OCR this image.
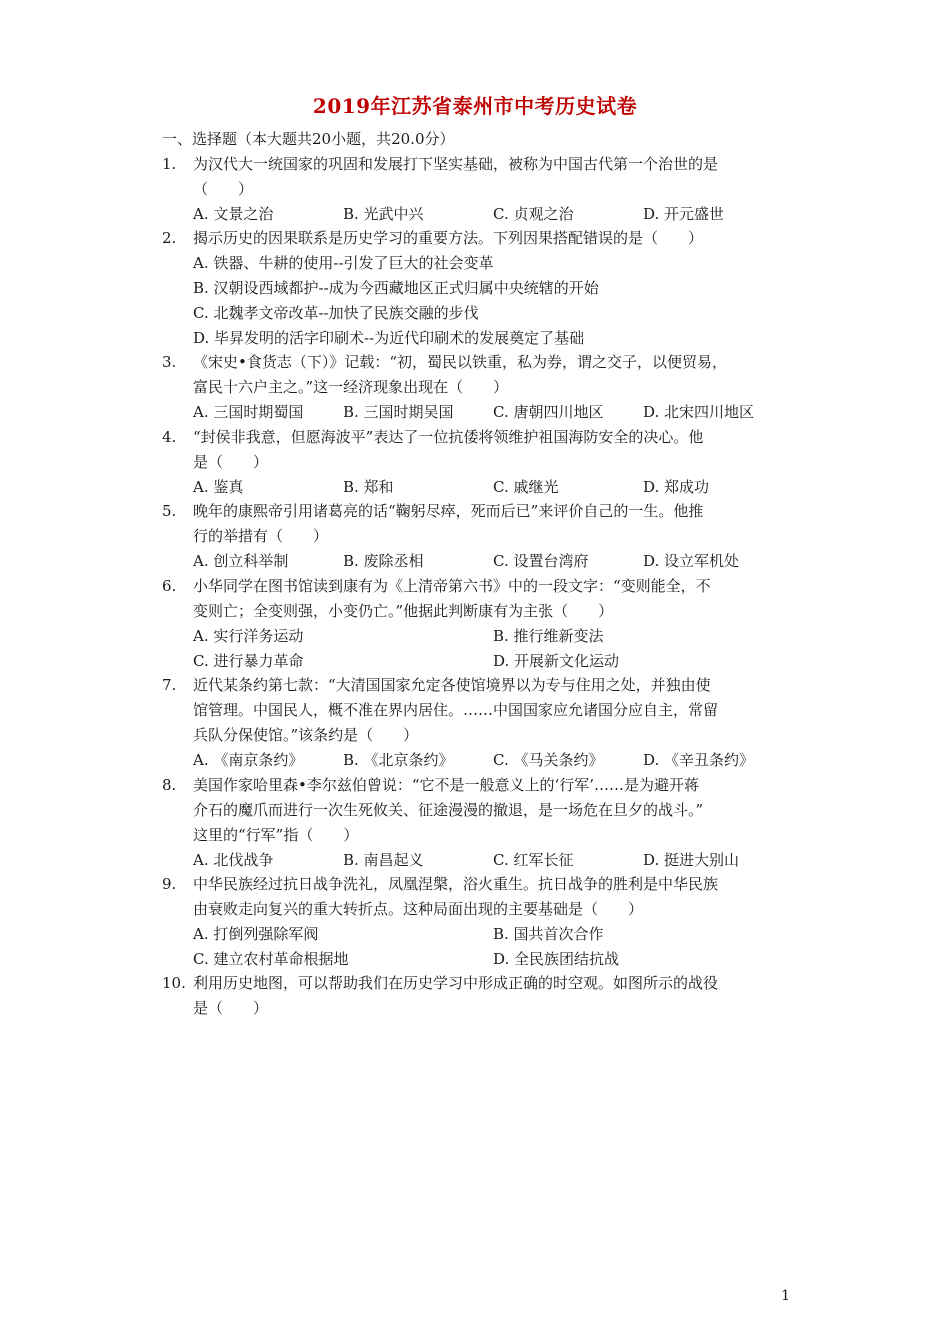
2019年江苏省泰州市中考历史试卷
一、选择题（本大题共20小题，共20.0分）
1.	为汉代大一统国家的巩固和发展打下坚实基础，被称为中国古代第一个治世的是
（　　）
A. 文景之治	B. 光武中兴	C. 贞观之治	D. 开元盛世
2.	揭示历史的因果联系是历史学习的重要方法。下列因果搭配错误的是（　　）
A. 铁器、牛耕的使用--引发了巨大的社会变革
B. 汉朝设西域都护--成为今西藏地区正式归属中央统辖的开始
C. 北魏孝文帝改革--加快了民族交融的步伐
D. 毕昇发明的活字印刷术--为近代印刷术的发展奠定了基础
3.	《宋史•食货志（下）》记载：“初，蜀民以铁重，私为券，谓之交子，以便贸易，
富民十六户主之。”这一经济现象出现在（　　）
A. 三国时期蜀国	B. 三国时期吴国	C. 唐朝四川地区	D. 北宋四川地区
4.	“封侯非我意，但愿海波平”表达了一位抗倭将领维护祖国海防安全的决心。他
是（　　）
A. 鉴真	B. 郑和	C. 戚继光	D. 郑成功
5.	晚年的康熙帝引用诸葛亮的话“鞠躬尽瘁，死而后已”来评价自己的一生。他推
行的举措有（　　）
A. 创立科举制	B. 废除丞相	C. 设置台湾府	D. 设立军机处
6.	小华同学在图书馆读到康有为《上清帝第六书》中的一段文字：“变则能全，不
变则亡；全变则强，小变仍亡。”他据此判断康有为主张（　　）
A. 实行洋务运动	B. 推行维新变法
C. 进行暴力革命	D. 开展新文化运动
7.	近代某条约第七款：“大清国国家允定各使馆境界以为专与住用之处，并独由使
馆管理。中国民人，概不准在界内居住。……中国国家应允诸国分应自主，常留
兵队分保使馆。”该条约是（　　）
A. 《南京条约》	B. 《北京条约》	C. 《马关条约》	D. 《辛丑条约》
8.	美国作家哈里森•李尔兹伯曾说：“它不是一般意义上的‘行军’……是为避开蒋
介石的魔爪而进行一次生死攸关、征途漫漫的撤退，是一场危在旦夕的战斗。”
这里的“行军”指（　　）
A. 北伐战争	B. 南昌起义	C. 红军长征	D. 挺进大别山
9.	中华民族经过抗日战争洗礼，凤凰涅槃，浴火重生。抗日战争的胜利是中华民族
由衰败走向复兴的重大转折点。这种局面出现的主要基础是（　　）
A. 打倒列强除军阀	B. 国共首次合作
C. 建立农村革命根据地	D. 全民族团结抗战
10. 利用历史地图，可以帮助我们在历史学习中形成正确的时空观。如图所示的战役
是（　　）
1
